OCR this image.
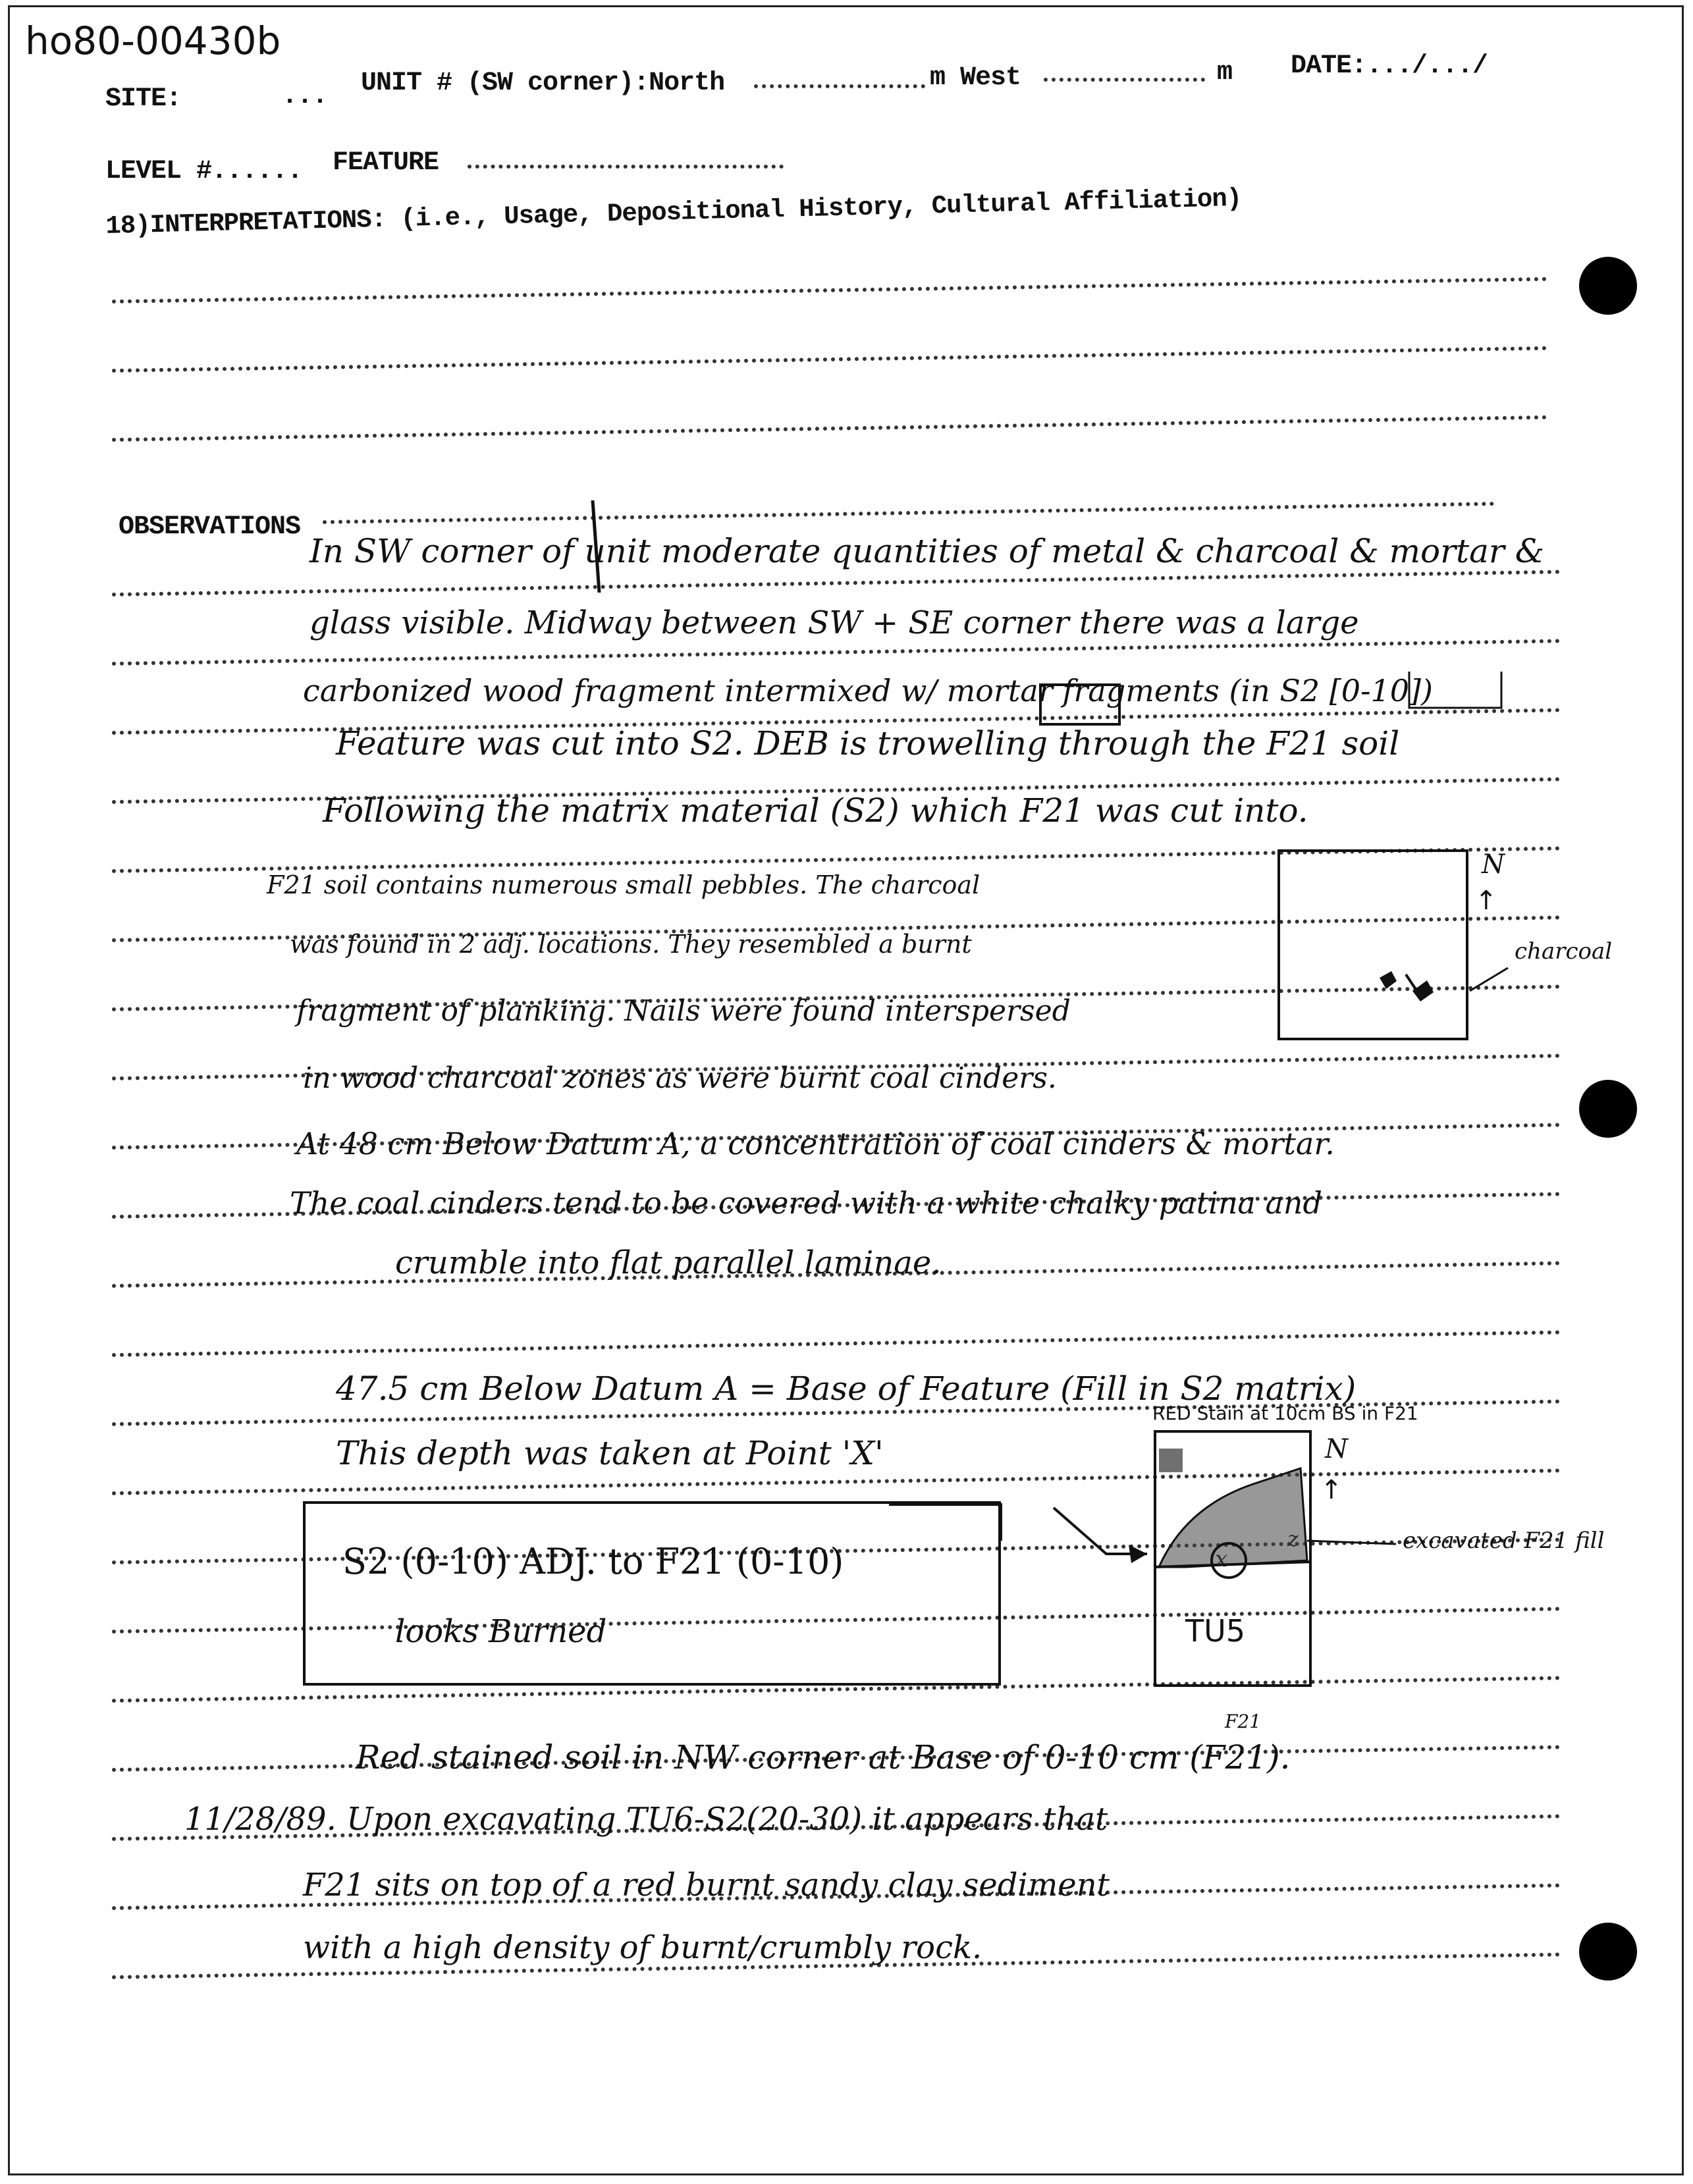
ho80-00430b
SITE:	... UNIT # (SW corner):North	m West	m DATE:.../.../
LEVEL #...... FEATURE
18)INTERPRETATIONS: (i.e., Usage, Depositional History, Cultural Affiliation)
OBSERVATIONS
In SW corner of unit moderate quantities of metal & charcoal & mortar &
glass visible. Midway between SW + SE corner there was a large
carbonized wood fragment intermixed w/ mortar fragments (in S2 [0-10])
Feature was cut into S2. DEB is trowelling through the F21 soil
Following the matrix material (S2) which F21 was cut into.
F21 soil contains numerous small pebbles. The charcoal
was found in 2 adj. locations. They resembled a burnt
fragment of planking. Nails were found interspersed
in wood charcoal zones as were burnt coal cinders.
At 48 cm Below Datum A, a concentration of coal cinders & mortar.
The coal cinders tend to be covered with a white chalky patina and
crumble into flat parallel laminae.
47.5 cm Below Datum A = Base of Feature (Fill in S2 matrix)
This depth was taken at Point 'X'
Red stained soil in NW corner at Base of 0-10 cm (F21).
11/28/89. Upon excavating TU6-S2(20-30) it appears that
F21 sits on top of a red burnt sandy clay sediment
with a high density of burnt/crumbly rock.
N
↑
charcoal
S2 (0-10) ADJ. to F21 (0-10)
looks Burned
RED Stain at 10cm BS in F21
N
↑
TU5
excavated F21 fill
F21
